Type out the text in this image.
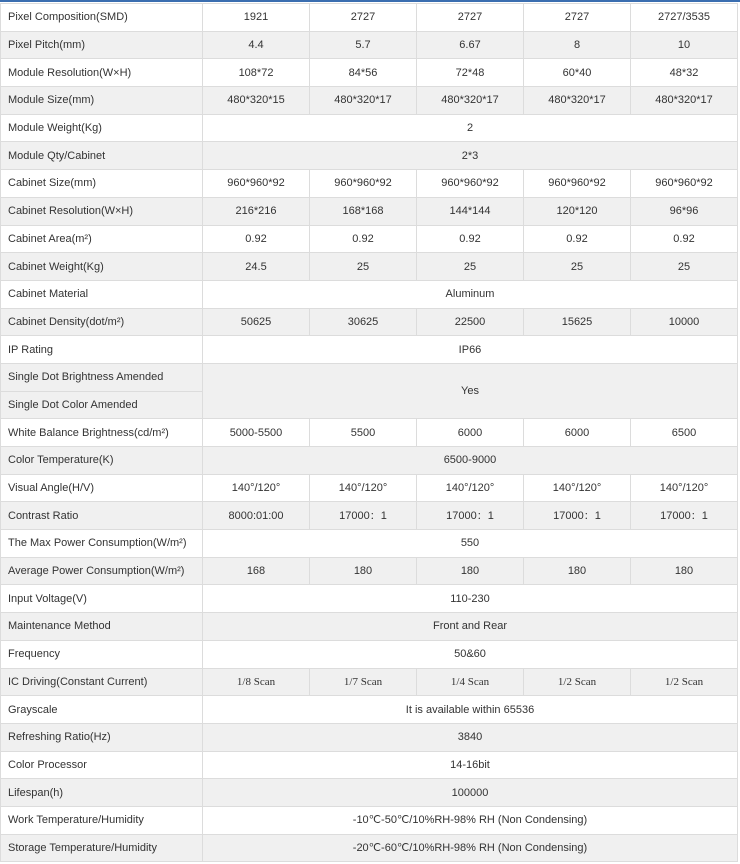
Pixel Composition(SMD)	1921	2727	2727	2727	2727/3535
Pixel Pitch(mm)	4.4	5.7	6.67	8	10
Module Resolution(W×H)	108*72	84*56	72*48	60*40	48*32
Module Size(mm)	480*320*15	480*320*17	480*320*17	480*320*17	480*320*17
Module Weight(Kg)	2				
Module Qty/Cabinet	2*3				
Cabinet Size(mm)	960*960*92	960*960*92	960*960*92	960*960*92	960*960*92
Cabinet Resolution(W×H)	216*216	168*168	144*144	120*120	96*96
Cabinet Area(m²)	0.92	0.92	0.92	0.92	0.92
Cabinet Weight(Kg)	24.5	25	25	25	25
Cabinet Material	Aluminum				
Cabinet Density(dot/m²)	50625	30625	22500	15625	10000
IP Rating	IP66				
Single Dot Brightness Amended	Yes				
Single Dot Color Amended					
White Balance Brightness(cd/m²)	5000-5500	5500	6000	6000	6500
Color Temperature(K)	6500-9000				
Visual Angle(H/V)	140°/120°	140°/120°	140°/120°	140°/120°	140°/120°
Contrast Ratio	8000:01:00	17000：1	17000：1	17000：1	17000：1
The Max Power Consumption(W/m²)	550				
Average Power Consumption(W/m²)	168	180	180	180	180
Input Voltage(V)	110-230				
Maintenance Method	Front and Rear				
Frequency	50&60				
IC Driving(Constant Current)	1/8 Scan	1/7 Scan	1/4 Scan	1/2 Scan	1/2 Scan
Grayscale	It is available within 65536				
Refreshing Ratio(Hz)	3840				
Color Processor	14-16bit				
Lifespan(h)	100000				
Work Temperature/Humidity	-10℃-50℃/10%RH-98% RH (Non Condensing)				
Storage Temperature/Humidity	-20℃-60℃/10%RH-98% RH (Non Condensing)				
